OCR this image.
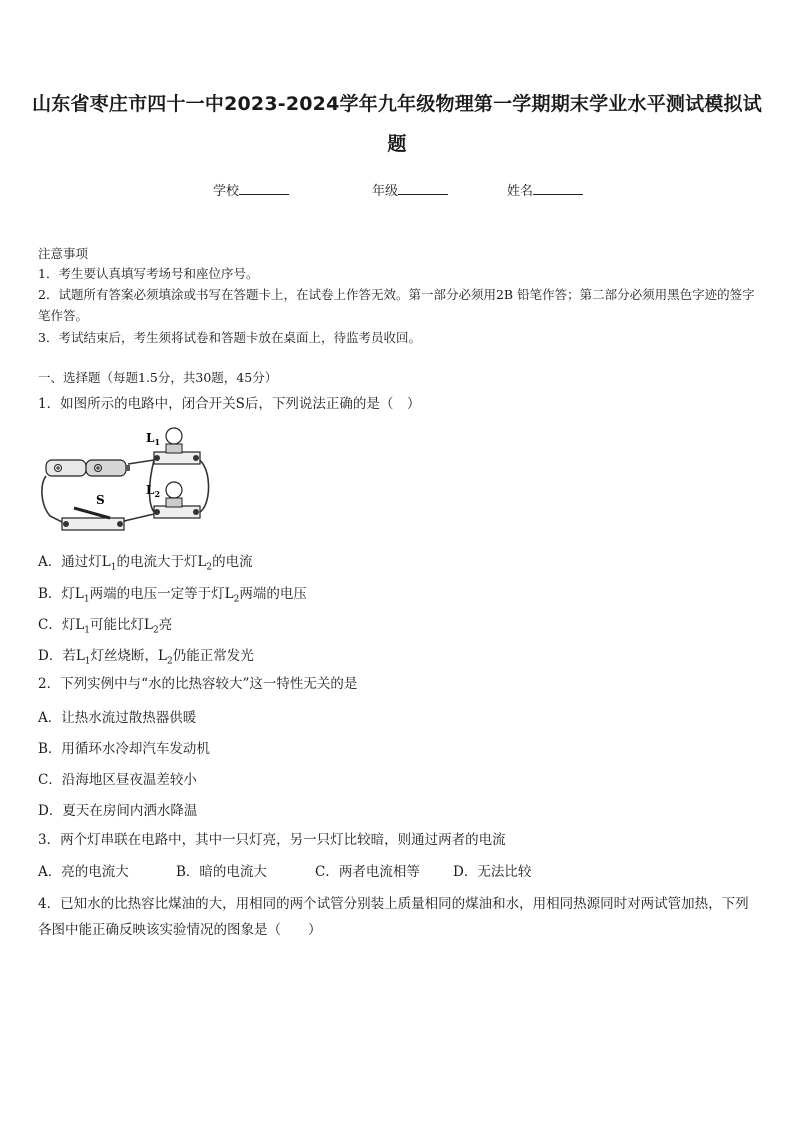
山东省枣庄市四十一中2023-2024学年九年级物理第一学期期末学业水平测试模拟试
题
学校	年级	姓名
注意事项
1．考生要认真填写考场号和座位序号。
2．试题所有答案必须填涂或书写在答题卡上，在试卷上作答无效。第一部分必须用2B 铅笔作答；第二部分必须用黑色字迹的签字笔作答。
3．考试结束后，考生须将试卷和答题卡放在桌面上，待监考员收回。
一、选择题（每题1.5分，共30题，45分）
1．如图所示的电路中，闭合开关S后，下列说法正确的是（　）
$L_1$
$L_2$
S
A．通过灯$L_1$的电流大于灯$L_2$的电流
B．灯$L_1$两端的电压一定等于灯$L_2$两端的电压
C．灯$L_1$可能比灯$L_2$亮
D．若$L_1$灯丝烧断，$L_2$仍能正常发光
2．下列实例中与“水的比热容较大”这一特性无关的是
A．让热水流过散热器供暖
B．用循环水冷却汽车发动机
C．沿海地区昼夜温差较小
D．夏天在房间内洒水降温
3．两个灯串联在电路中，其中一只灯亮，另一只灯比较暗，则通过两者的电流
A．亮的电流大	B．暗的电流大	C．两者电流相等 D．无法比较
4．已知水的比热容比煤油的大，用相同的两个试管分别装上质量相同的煤油和水，用相同热源同时对两试管加热，下列各图中能正确反映该实验情况的图象是（　　）
